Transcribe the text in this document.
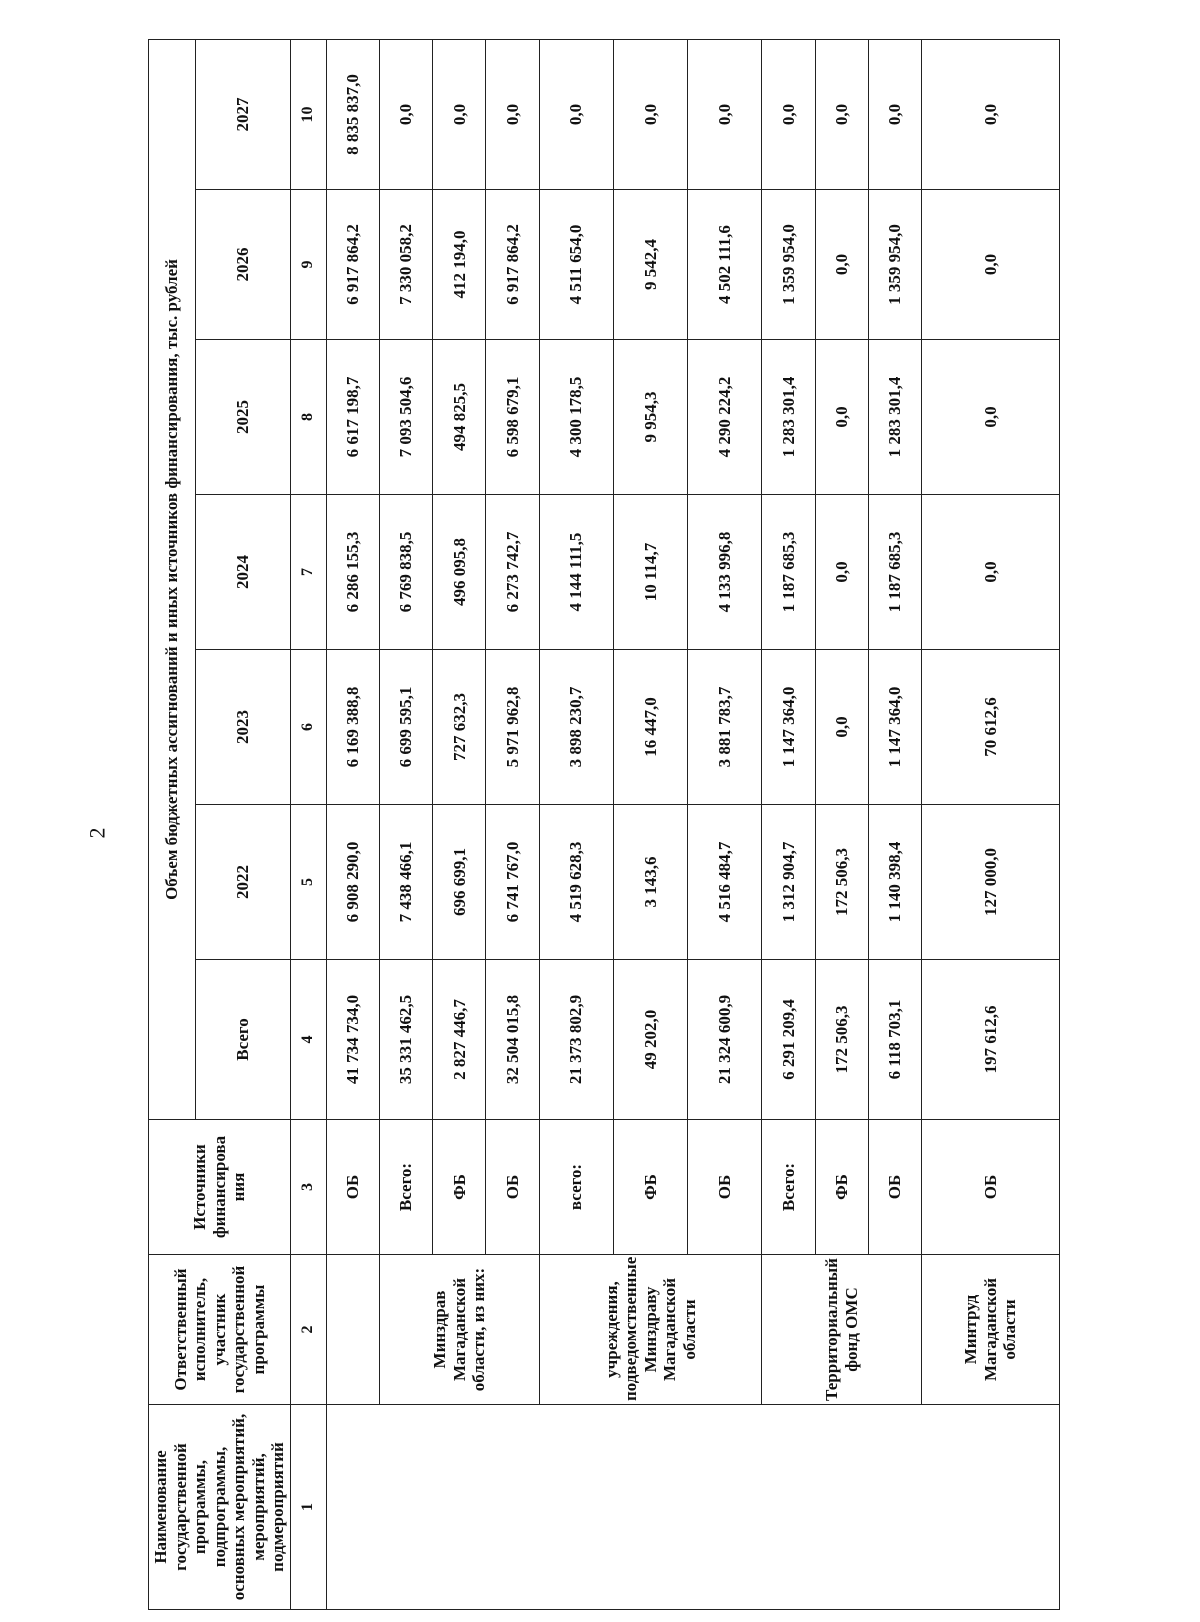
2
Наименование государственной программы, подпрограммы, основных мероприятий, мероприятий, подмероприятий	Ответственный исполнитель, участник государственной программы	Источники финансирова ния	Объем бюджетных ассигнований и иных источников финансирования, тыс. рублей						
			Всего	2022	2023	2024	2025	2026	2027
1	2	3	4	5	6	7	8	9	10
		ОБ	41 734 734,0	6 908 290,0	6 169 388,8	6 286 155,3	6 617 198,7	6 917 864,2	8 835 837,0
	Минздрав Магаданской области, из них:	Всего:	35 331 462,5	7 438 466,1	6 699 595,1	6 769 838,5	7 093 504,6	7 330 058,2	0,0
		ФБ	2 827 446,7	696 699,1	727 632,3	496 095,8	494 825,5	412 194,0	0,0
		ОБ	32 504 015,8	6 741 767,0	5 971 962,8	6 273 742,7	6 598 679,1	6 917 864,2	0,0
	учреждения, подведомственные Минздраву Магаданской области	всего:	21 373 802,9	4 519 628,3	3 898 230,7	4 144 111,5	4 300 178,5	4 511 654,0	0,0
		ФБ	49 202,0	3 143,6	16 447,0	10 114,7	9 954,3	9 542,4	0,0
		ОБ	21 324 600,9	4 516 484,7	3 881 783,7	4 133 996,8	4 290 224,2	4 502 111,6	0,0
	Территориальный фонд ОМС	Всего:	6 291 209,4	1 312 904,7	1 147 364,0	1 187 685,3	1 283 301,4	1 359 954,0	0,0
		ФБ	172 506,3	172 506,3	0,0	0,0	0,0	0,0	0,0
		ОБ	6 118 703,1	1 140 398,4	1 147 364,0	1 187 685,3	1 283 301,4	1 359 954,0	0,0
	Минтруд Магаданской области	ОБ	197 612,6	127 000,0	70 612,6	0,0	0,0	0,0	0,0
